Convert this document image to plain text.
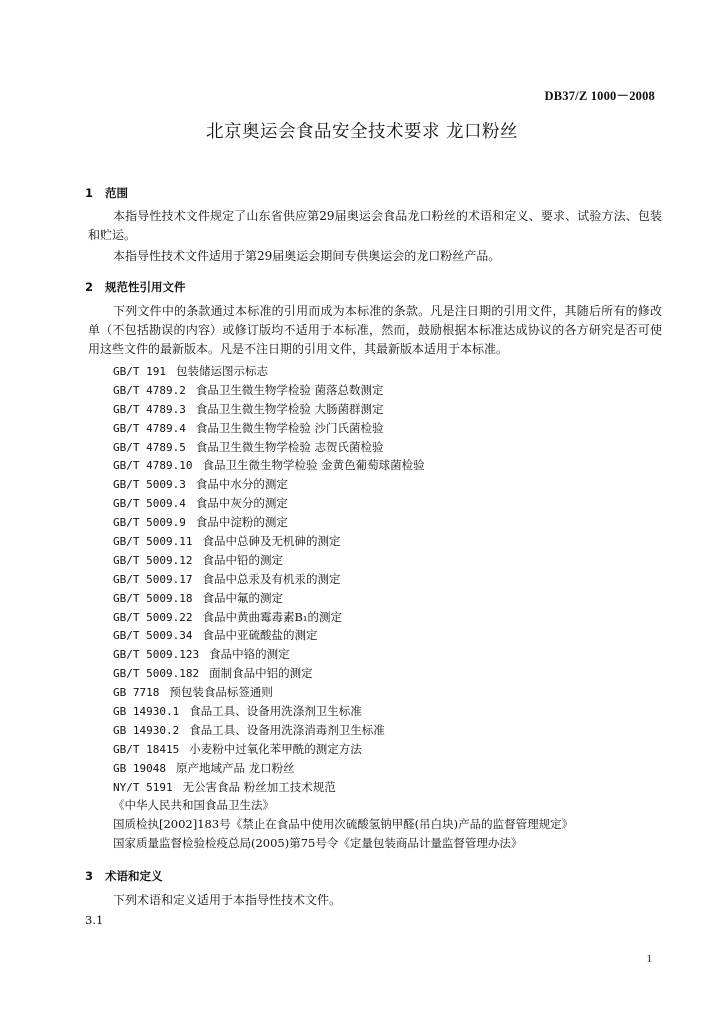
DB37/Z 1000－2008
北京奥运会食品安全技术要求 龙口粉丝
1 范围
本指导性技术文件规定了山东省供应第29届奥运会食品龙口粉丝的术语和定义、要求、试验方法、包装和贮运。
本指导性技术文件适用于第29届奥运会期间专供奥运会的龙口粉丝产品。
2 规范性引用文件
下列文件中的条款通过本标准的引用而成为本标准的条款。凡是注日期的引用文件，其随后所有的修改单（不包括勘误的内容）或修订版均不适用于本标准，然而，鼓励根据本标准达成协议的各方研究是否可使用这些文件的最新版本。凡是不注日期的引用文件，其最新版本适用于本标准。
GB/T 191 包装储运图示标志
GB/T 4789.2 食品卫生微生物学检验 菌落总数测定
GB/T 4789.3 食品卫生微生物学检验 大肠菌群测定
GB/T 4789.4 食品卫生微生物学检验 沙门氏菌检验
GB/T 4789.5 食品卫生微生物学检验 志贺氏菌检验
GB/T 4789.10 食品卫生微生物学检验 金黄色葡萄球菌检验
GB/T 5009.3 食品中水分的测定
GB/T 5009.4 食品中灰分的测定
GB/T 5009.9 食品中淀粉的测定
GB/T 5009.11 食品中总砷及无机砷的测定
GB/T 5009.12 食品中铅的测定
GB/T 5009.17 食品中总汞及有机汞的测定
GB/T 5009.18 食品中氟的测定
GB/T 5009.22 食品中黄曲霉毒素B₁的测定
GB/T 5009.34 食品中亚硫酸盐的测定
GB/T 5009.123 食品中铬的测定
GB/T 5009.182 面制食品中铝的测定
GB 7718 预包装食品标签通则
GB 14930.1 食品工具、设备用洗涤剂卫生标准
GB 14930.2 食品工具、设备用洗涤消毒剂卫生标准
GB/T 18415 小麦粉中过氧化苯甲酰的测定方法
GB 19048 原产地域产品 龙口粉丝
NY/T 5191 无公害食品 粉丝加工技术规范
《中华人民共和国食品卫生法》
国质检执[2002]183号《禁止在食品中使用次硫酸氢钠甲醛(吊白块)产品的监督管理规定》
国家质量监督检验检疫总局(2005)第75号令《定量包装商品计量监督管理办法》
3 术语和定义
下列术语和定义适用于本指导性技术文件。
3.1
1
